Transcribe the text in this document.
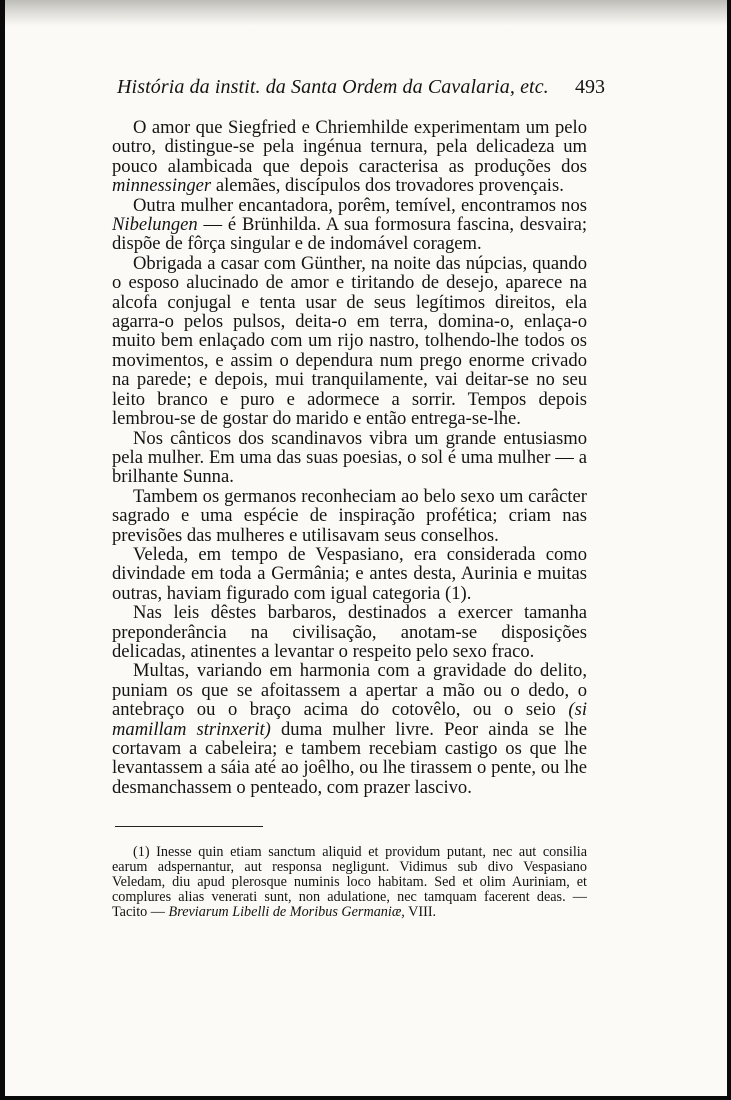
História da instit. da Santa Ordem da Cavalaria, etc. 493

O amor que Siegfried e Chriemhilde experimentam um pelo outro, distingue-se pela ingénua ternura, pela delicadeza um pouco alambicada que depois caracterisa as produções dos minnessinger alemães, discípulos dos trovadores provençais.

Outra mulher encantadora, porêm, temível, encontramos nos Nibelungen — é Brünhilda. A sua formosura fascina, desvaira; dispõe de fôrça singular e de indomável coragem.

Obrigada a casar com Günther, na noite das núpcias, quando o esposo alucinado de amor e tiritando de desejo, aparece na alcofa conjugal e tenta usar de seus legítimos direitos, ela agarra-o pelos pulsos, deita-o em terra, domina-o, enlaça-o muito bem enlaçado com um rijo nastro, tolhendo-lhe todos os movimentos, e assim o dependura num prego enorme crivado na parede; e depois, mui tranquilamente, vai deitar-se no seu leito branco e puro e adormece a sorrir. Tempos depois lembrou-se de gostar do marido e então entrega-se-lhe.

Nos cânticos dos scandinavos vibra um grande entusiasmo pela mulher. Em uma das suas poesias, o sol é uma mulher — a brilhante Sunna.

Tambem os germanos reconheciam ao belo sexo um carâcter sagrado e uma espécie de inspiração profética; criam nas previsões das mulheres e utilisavam seus conselhos.

Veleda, em tempo de Vespasiano, era considerada como divindade em toda a Germânia; e antes desta, Aurinia e muitas outras, haviam figurado com igual categoria (1).

Nas leis dêstes barbaros, destinados a exercer tamanha preponderância na civilisação, anotam-se disposições delicadas, atinentes a levantar o respeito pelo sexo fraco.

Multas, variando em harmonia com a gravidade do delito, puniam os que se afoitassem a apertar a mão ou o dedo, o antebraço ou o braço acima do cotovêlo, ou o seio (si mamillam strinxerit) duma mulher livre. Peor ainda se lhe cortavam a cabeleira; e tambem recebiam castigo os que lhe levantassem a sáia até ao joêlho, ou lhe tirassem o pente, ou lhe desmanchassem o penteado, com prazer lascivo.

(1) Inesse quin etiam sanctum aliquid et providum putant, nec aut consilia earum adspernantur, aut responsa negligunt. Vidimus sub divo Vespasiano Veledam, diu apud plerosque numinis loco habitam. Sed et olim Auriniam, et complures alias venerati sunt, non adulatione, nec tamquam facerent deas. — Tacito — Breviarum Libelli de Moribus Germaniæ, VIII.
